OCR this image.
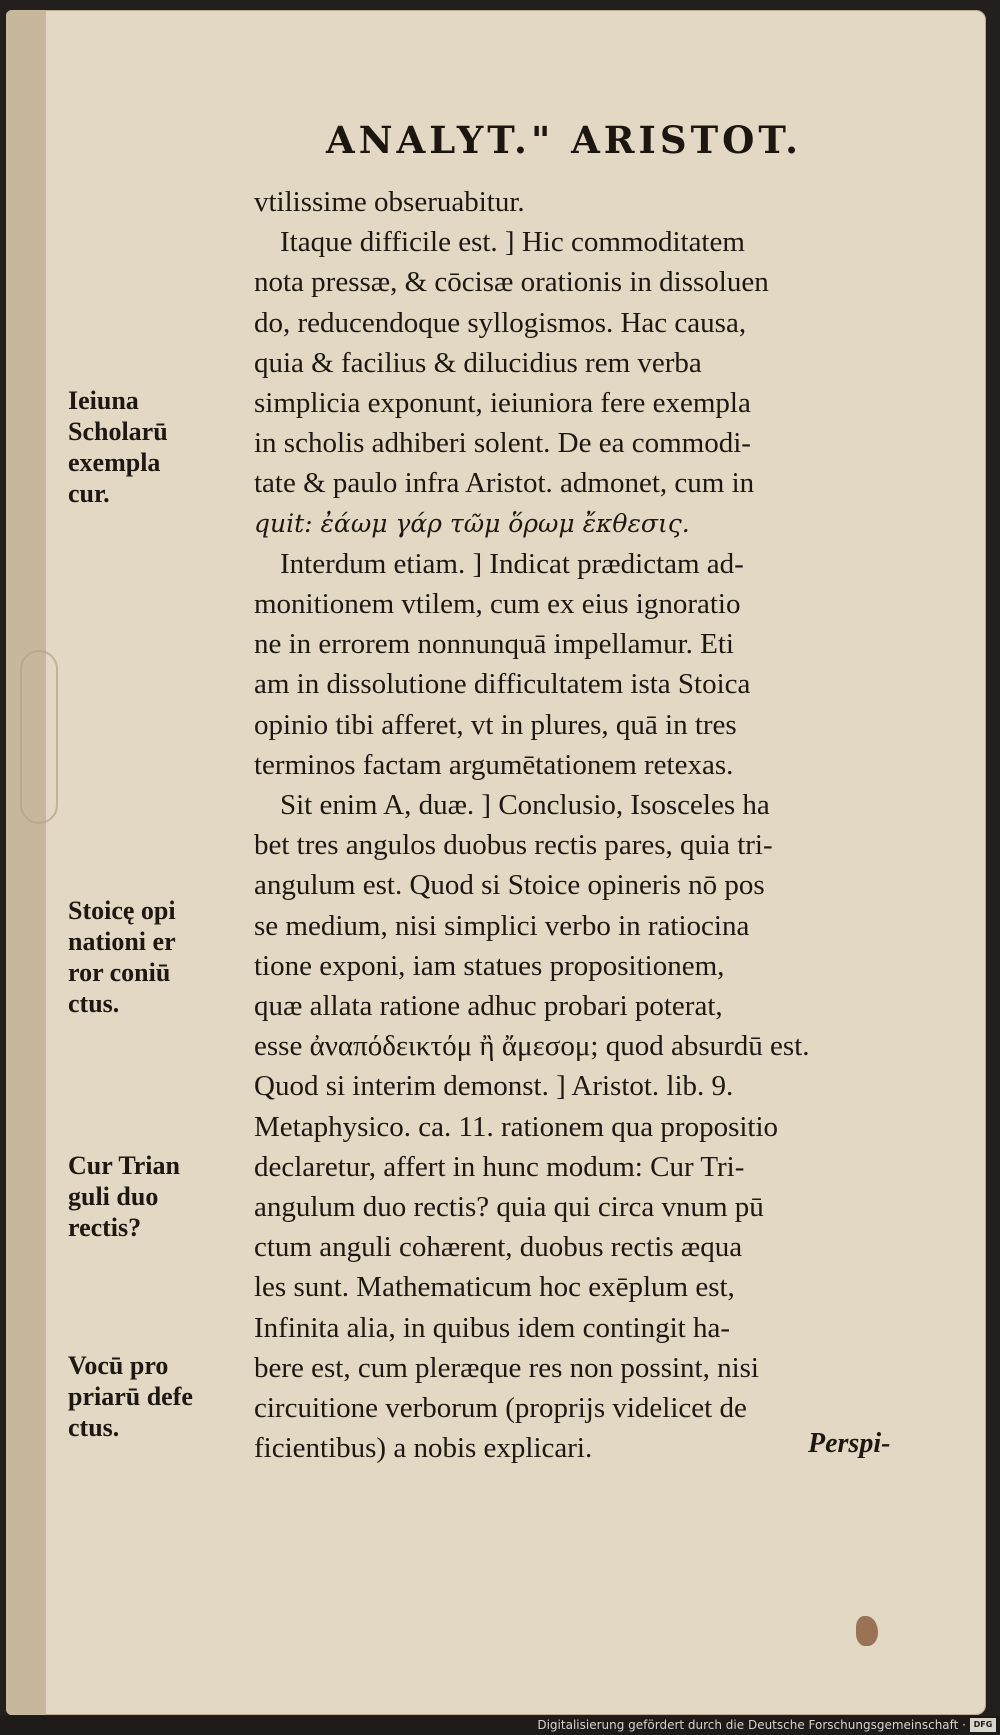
ANALYT." ARISTOT.
vtilissime obseruabitur.
Itaque difficile est. ] Hic commoditatem
nota pressæ, & cōcisæ orationis in dissoluen
do, reducendoque syllogismos. Hac causa,
quia & facilius & dilucidius rem verba
simplicia exponunt, ieiuniora fere exempla
in scholis adhiberi solent. De ea commodi-
tate & paulo infra Aristot. admonet, cum in
quit: ἐάωμ γάρ τῶμ ὅρωμ ἔκθεσις.
Interdum etiam. ] Indicat prædictam ad-
monitionem vtilem, cum ex eius ignoratio
ne in errorem nonnunquā impellamur. Eti
am in dissolutione difficultatem ista Stoica
opinio tibi afferet, vt in plures, quā in tres
terminos factam argumētationem retexas.
Sit enim A, duæ. ] Conclusio, Isosceles ha
bet tres angulos duobus rectis pares, quia tri-
angulum est. Quod si Stoice opineris nō pos
se medium, nisi simplici verbo in ratiocina
tione exponi, iam statues propositionem,
quæ allata ratione adhuc probari poterat,
esse ἀναπόδεικτόμ ἢ ἄμεσομ; quod absurdū est.
Quod si interim demonst. ] Aristot. lib. 9.
Metaphysico. ca. 11. rationem qua propositio
declaretur, affert in hunc modum: Cur Tri-
angulum duo rectis? quia qui circa vnum pū
ctum anguli cohærent, duobus rectis æqua
les sunt. Mathematicum hoc exēplum est,
Infinita alia, in quibus idem contingit ha-
bere est, cum pleræque res non possint, nisi
circuitione verborum (proprijs videlicet de
ficientibus) a nobis explicari.	Perspi-
Ieiuna
Scholarū
exempla
cur.
Stoicę opi
nationi er
ror coniū
ctus.
Cur Trian
guli duo
rectis?
Vocū pro
priarū defe
ctus.
Digitalisierung gefördert durch die Deutsche Forschungsgemeinschaft · DFG
